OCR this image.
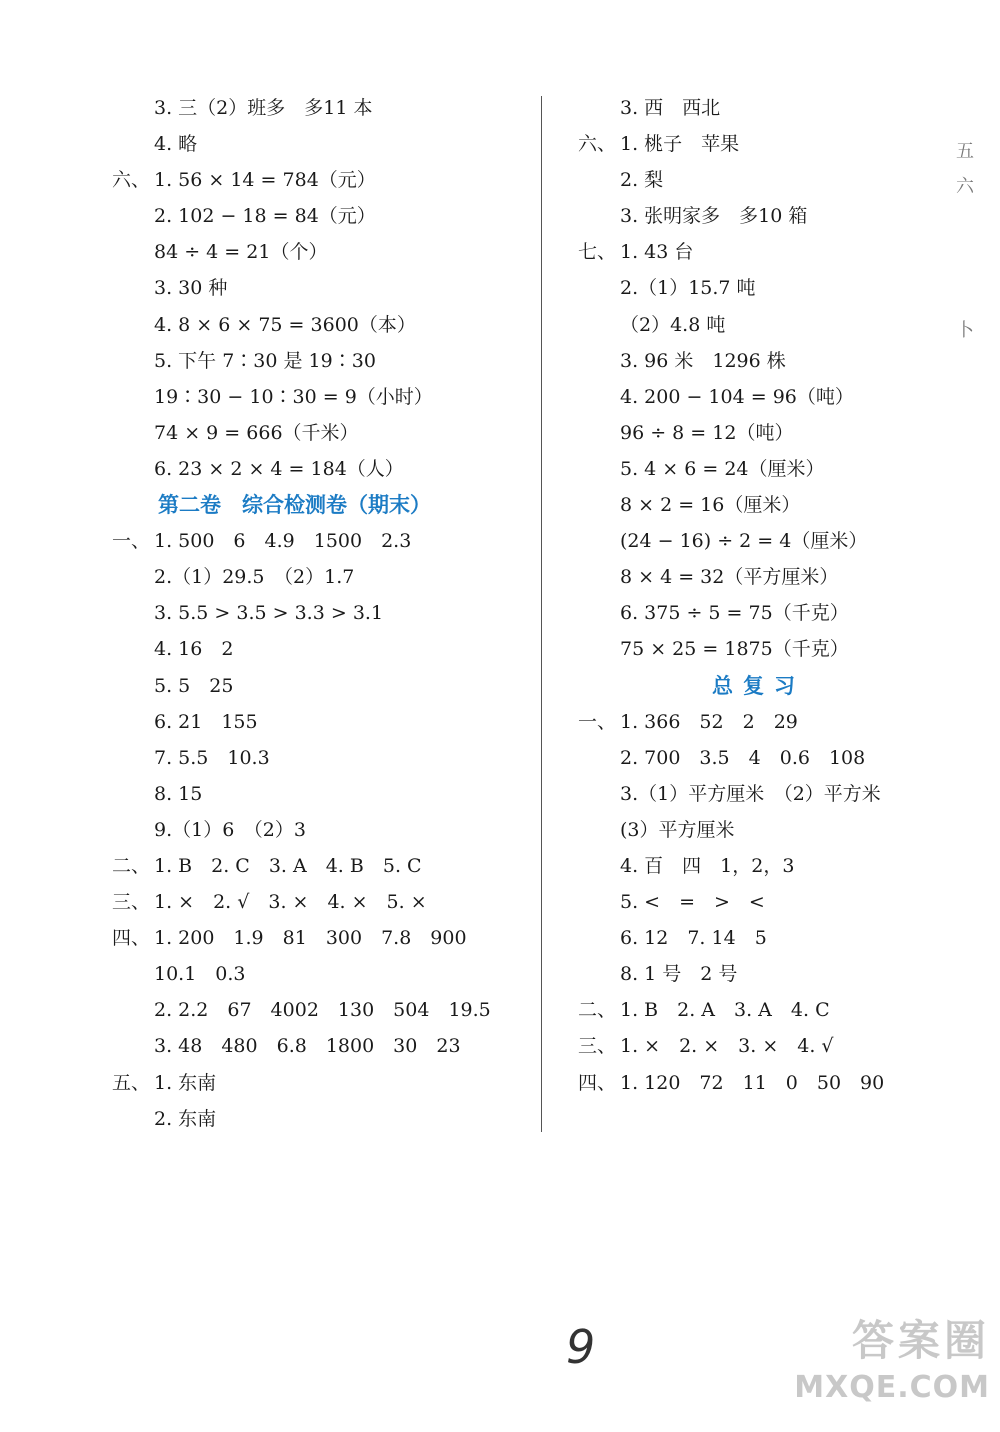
3. 三（2）班多　多11 本
4. 略
六、 1. 56 × 14 = 784（元）
2. 102 − 18 = 84（元）
84 ÷ 4 = 21（个）
3. 30 种
4. 8 × 6 × 75 = 3600（本）
5. 下午 7∶30 是 19∶30
19∶30 − 10∶30 = 9（小时）
74 × 9 = 666（千米）
6. 23 × 2 × 4 = 184（人）
第二卷　综合检测卷（期末）
一、 1. 500　6　4.9　1500　2.3
2.（1）29.5　（2）1.7
3. 5.5 > 3.5 > 3.3 > 3.1
4. 16　2
5. 5　25
6. 21　155
7. 5.5　10.3
8. 15
9.（1）6　（2）3
二、 1. B　2. C　3. A　4. B　5. C
三、 1. ×　2. √　3. ×　4. ×　5. ×
四、 1. 200　1.9　81　300　7.8　900
10.1　0.3
2. 2.2　67　4002　130　504　19.5
3. 48　480　6.8　1800　30　23
五、 1. 东南
2. 东南
3. 西　西北
六、 1. 桃子　苹果
2. 梨
3. 张明家多　多10 箱
七、 1. 43 台
2.（1）15.7 吨
（2）4.8 吨
3. 96 米　1296 株
4. 200 − 104 = 96（吨）
96 ÷ 8 = 12（吨）
5. 4 × 6 = 24（厘米）
8 × 2 = 16（厘米）
(24 − 16) ÷ 2 = 4（厘米）
8 × 4 = 32（平方厘米）
6. 375 ÷ 5 = 75（千克）
75 × 25 = 1875（千克）
总复习
一、 1. 366　52　2　29
2. 700　3.5　4　0.6　108
3.（1）平方厘米　（2）平方米
(3）平方厘米
4. 百　四　1，2，3
5. <　=　>　<
6. 12　7. 14　5
8. 1 号　2 号
二、 1. B　2. A　3. A　4. C
三、 1. ×　2. ×　3. ×　4. √
四、 1. 120　72　11　0　50　90
五
六
卜
9	答案圈
MXQE.COM
